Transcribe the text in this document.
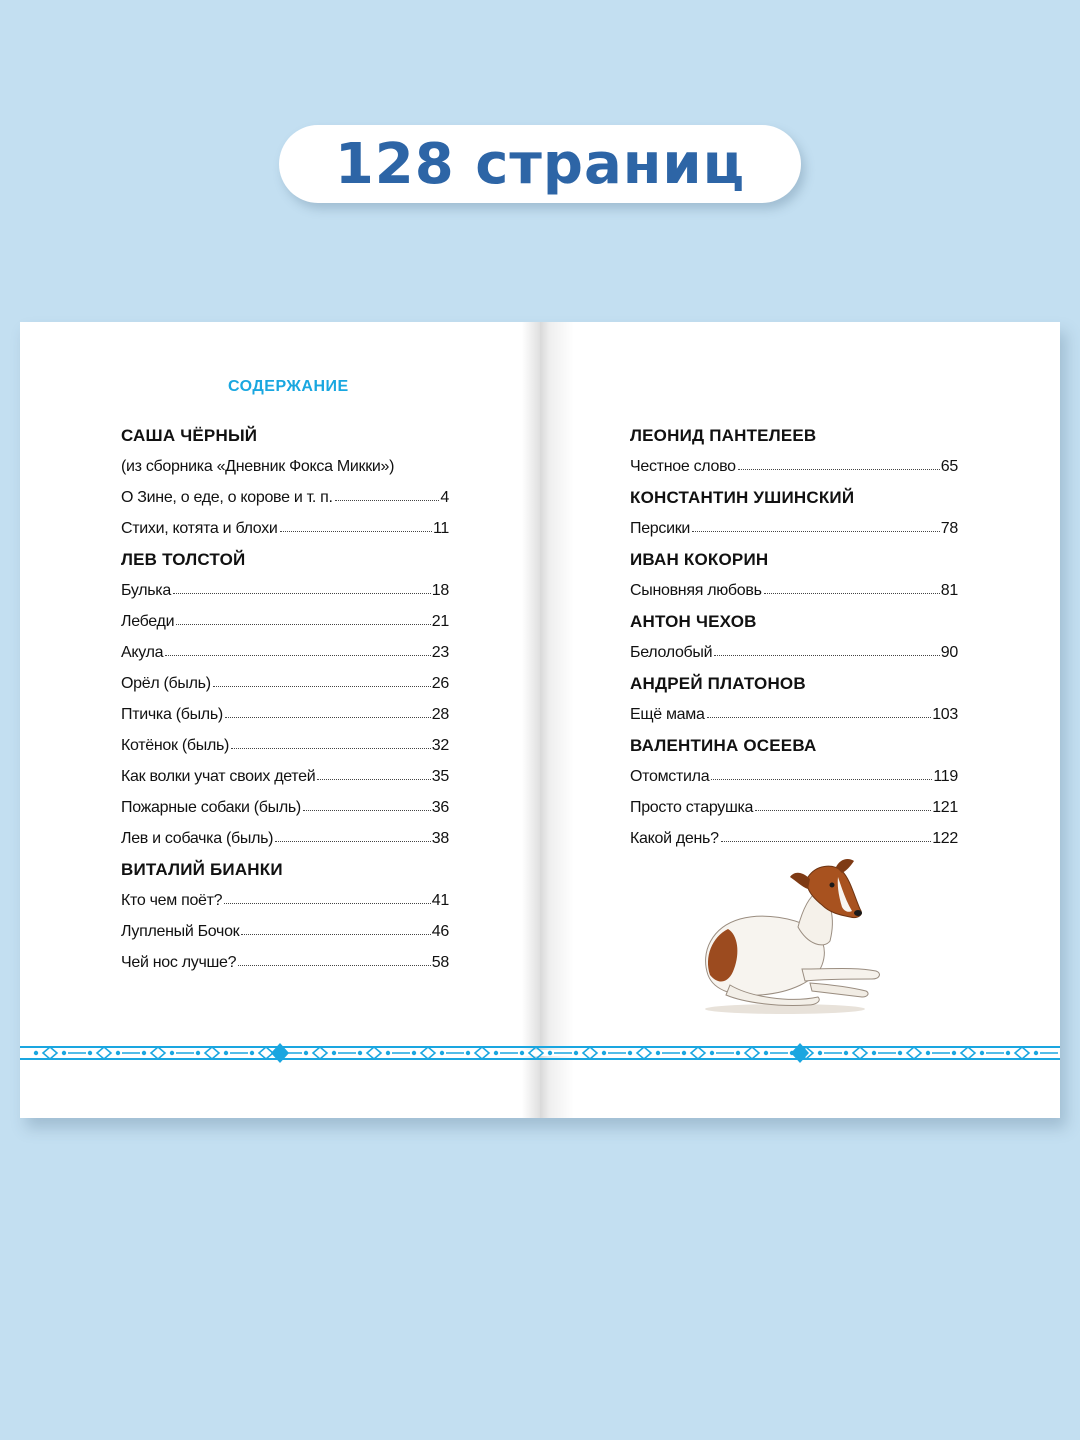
128 страниц
СОДЕРЖАНИЕ
САША ЧЁРНЫЙ
(из сборника «Дневник Фокса Микки»)
О Зине, о еде, о корове и т. п.	4
Стихи, котята и блохи	11
ЛЕВ ТОЛСТОЙ
Булька	18
Лебеди	21
Акула	23
Орёл (быль)	26
Птичка (быль)	28
Котёнок (быль)	32
Как волки учат своих детей	35
Пожарные собаки (быль)	36
Лев и собачка (быль)	38
ВИТАЛИЙ БИАНКИ
Кто чем поёт?	41
Лупленый Бочок	46
Чей нос лучше?	58
ЛЕОНИД ПАНТЕЛЕЕВ
Честное слово	65
КОНСТАНТИН УШИНСКИЙ
Персики	78
ИВАН КОКОРИН
Сыновняя любовь	81
АНТОН ЧЕХОВ
Белолобый	90
АНДРЕЙ ПЛАТОНОВ
Ещё мама	103
ВАЛЕНТИНА ОСЕЕВА
Отомстила	119
Просто старушка	121
Какой день?	122
